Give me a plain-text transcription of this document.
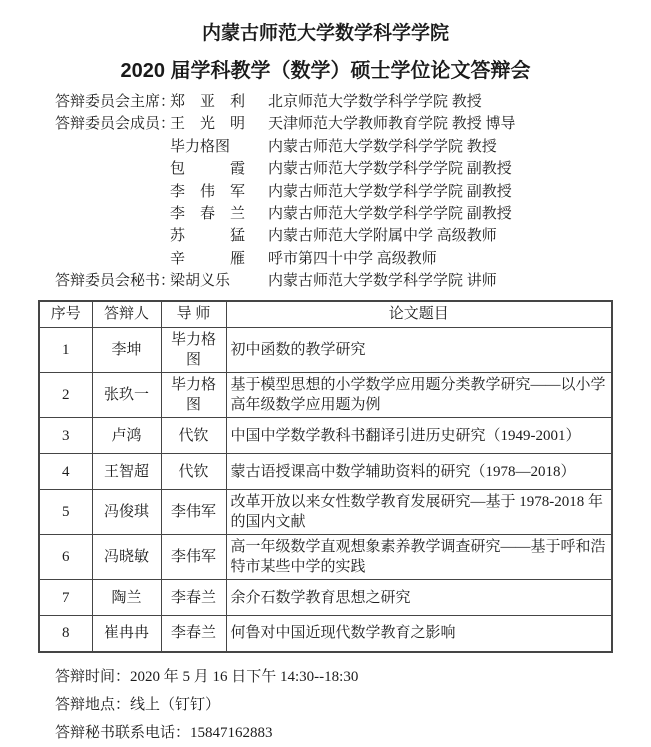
内蒙古师范大学数学科学学院
2020 届学科教学（数学）硕士学位论文答辩会
答辩委员会主席：
郑　亚　利	北京师范大学数学科学学院 教授
答辩委员会成员：
王　光　明	天津师范大学教师教育学院 教授 博导
毕力格图	内蒙古师范大学数学科学学院 教授
包　　　霞	内蒙古师范大学数学科学学院 副教授
李　伟　军	内蒙古师范大学数学科学学院 副教授
李　春　兰	内蒙古师范大学数学科学学院 副教授
苏　　　猛	内蒙古师范大学附属中学 高级教师
辛　　　雁	呼市第四十中学 高级教师
答辩委员会秘书：
梁胡义乐	内蒙古师范大学数学科学学院 讲师
序号	答辩人	导 师	论文题目
1	李坤	毕力格图	初中函数的教学研究
2	张玖一	毕力格图	基于模型思想的小学数学应用题分类教学研究——以小学高年级数学应用题为例
3	卢鸿	代钦	中国中学数学教科书翻译引进历史研究（1949-2001）
4	王智超	代钦	蒙古语授课高中数学辅助资料的研究（1978—2018）
5	冯俊琪	李伟军	改革开放以来女性数学教育发展研究—基于 1978-2018 年的国内文献
6	冯晓敏	李伟军	高一年级数学直观想象素养教学调查研究——基于呼和浩特市某些中学的实践
7	陶兰	李春兰	余介石数学教育思想之研究
8	崔冉冉	李春兰	何鲁对中国近现代数学教育之影响
答辩时间：2020 年 5 月 16 日下午 14:30--18:30
答辩地点：线上（钉钉）
答辩秘书联系电话：15847162883
